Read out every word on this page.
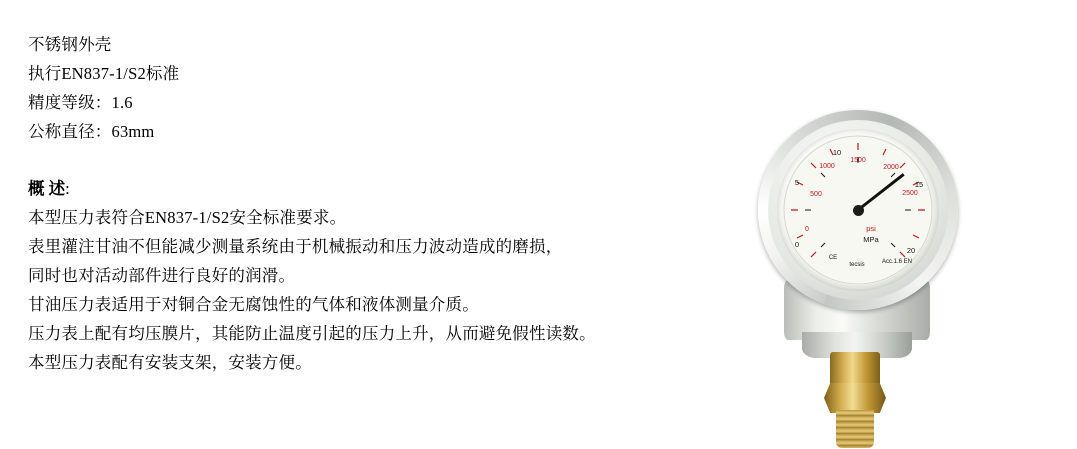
不锈钢外壳
执行EN837-1/S2标准
精度等级：1.6
公称直径：63mm
概 述:
本型压力表符合EN837-1/S2安全标准要求。
表里灌注甘油不但能减少测量系统由于机械振动和压力波动造成的磨损，
同时也对活动部件进行良好的润滑。
甘油压力表适用于对铜合金无腐蚀性的气体和液体测量介质。
压力表上配有均压膜片，其能防止温度引起的压力上升，从而避免假性读数。
本型压力表配有安装支架，安装方便。
1000
1500
2000
2500
500
0
5
10
15
20
0
psi
MPa
CE
tecsis	Acc.1.6 EN
